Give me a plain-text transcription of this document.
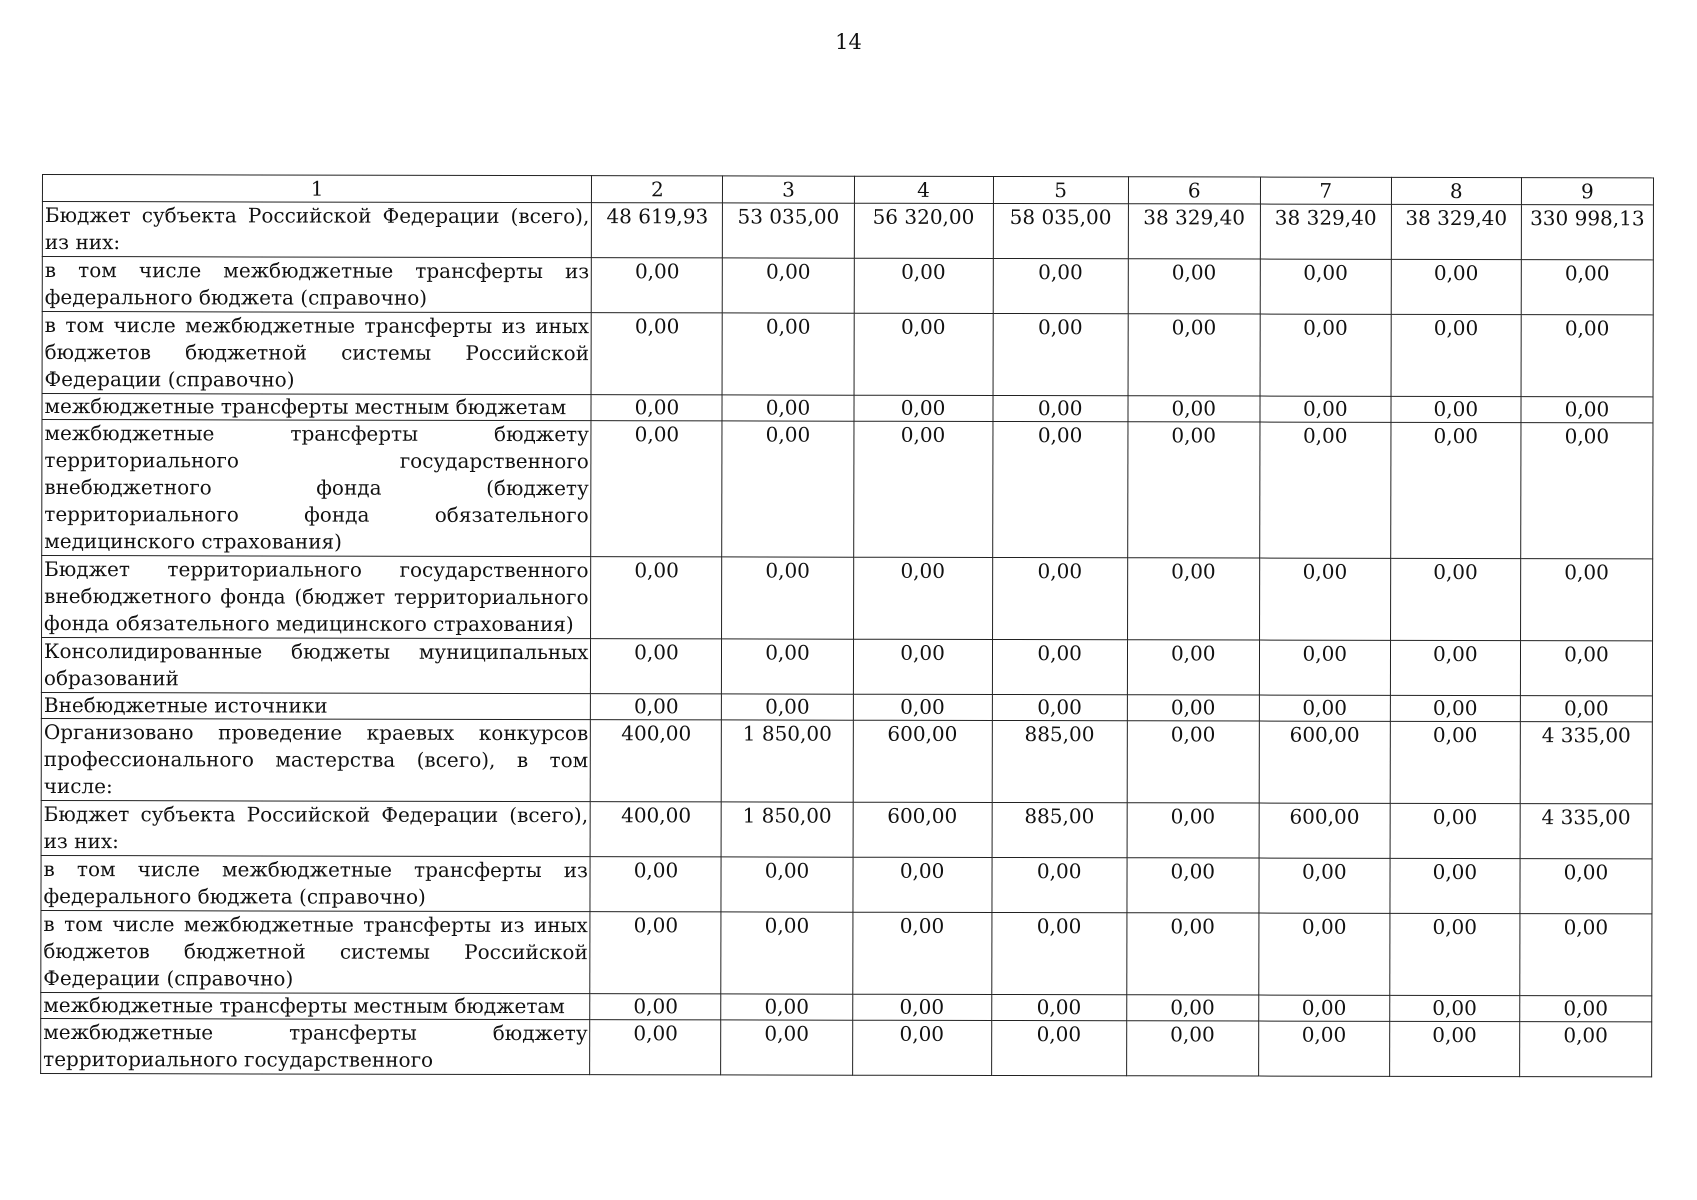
14
1	2	3	4	5	6	7	8	9
Бюджет субъекта Российской Федерации (всего), из них:	48 619,93	53 035,00	56 320,00	58 035,00	38 329,40	38 329,40	38 329,40	330 998,13
в том числе межбюджетные трансферты из федерального бюджета (справочно)	0,00	0,00	0,00	0,00	0,00	0,00	0,00	0,00
в том числе межбюджетные трансферты из иных бюджетов бюджетной системы Российской Федерации (справочно)	0,00	0,00	0,00	0,00	0,00	0,00	0,00	0,00
межбюджетные трансферты местным бюджетам	0,00	0,00	0,00	0,00	0,00	0,00	0,00	0,00
межбюджетные трансферты бюджету территориального государственного внебюджетного фонда (бюджету территориального фонда обязательного медицинского страхования)	0,00	0,00	0,00	0,00	0,00	0,00	0,00	0,00
Бюджет территориального государственного внебюджетного фонда (бюджет территориального фонда обязательного медицинского страхования)	0,00	0,00	0,00	0,00	0,00	0,00	0,00	0,00
Консолидированные бюджеты муниципальных образований	0,00	0,00	0,00	0,00	0,00	0,00	0,00	0,00
Внебюджетные источники	0,00	0,00	0,00	0,00	0,00	0,00	0,00	0,00
Организовано проведение краевых конкурсов профессионального мастерства (всего), в том числе:	400,00	1 850,00	600,00	885,00	0,00	600,00	0,00	4 335,00
Бюджет субъекта Российской Федерации (всего), из них:	400,00	1 850,00	600,00	885,00	0,00	600,00	0,00	4 335,00
в том числе межбюджетные трансферты из федерального бюджета (справочно)	0,00	0,00	0,00	0,00	0,00	0,00	0,00	0,00
в том числе межбюджетные трансферты из иных бюджетов бюджетной системы Российской Федерации (справочно)	0,00	0,00	0,00	0,00	0,00	0,00	0,00	0,00
межбюджетные трансферты местным бюджетам	0,00	0,00	0,00	0,00	0,00	0,00	0,00	0,00
межбюджетные трансферты бюджету территориального государственного	0,00	0,00	0,00	0,00	0,00	0,00	0,00	0,00
